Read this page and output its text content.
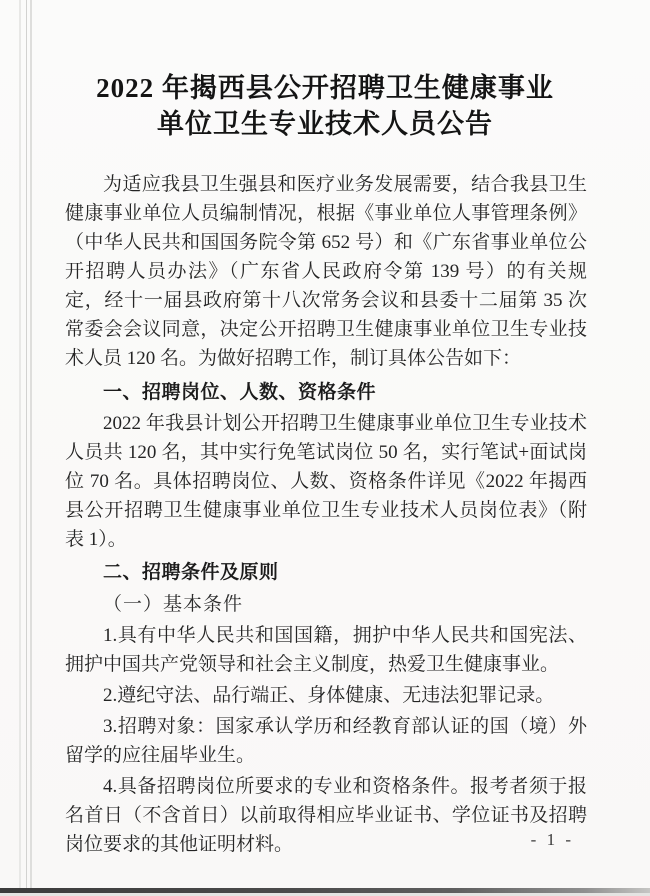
2022 年揭西县公开招聘卫生健康事业
单位卫生专业技术人员公告

为适应我县卫生强县和医疗业务发展需要，结合我县卫生健康事业单位人员编制情况，根据《事业单位人事管理条例》（中华人民共和国国务院令第 652 号）和《广东省事业单位公开招聘人员办法》（广东省人民政府令第 139 号）的有关规定，经十一届县政府第十八次常务会议和县委十二届第 35 次常委会会议同意，决定公开招聘卫生健康事业单位卫生专业技术人员 120 名。为做好招聘工作，制订具体公告如下：

一、招聘岗位、人数、资格条件

2022 年我县计划公开招聘卫生健康事业单位卫生专业技术人员共 120 名，其中实行免笔试岗位 50 名，实行笔试+面试岗位 70 名。具体招聘岗位、人数、资格条件详见《2022 年揭西县公开招聘卫生健康事业单位卫生专业技术人员岗位表》（附表 1）。

二、招聘条件及原则

（一）基本条件

1.具有中华人民共和国国籍，拥护中华人民共和国宪法、拥护中国共产党领导和社会主义制度，热爱卫生健康事业。

2.遵纪守法、品行端正、身体健康、无违法犯罪记录。

3.招聘对象：国家承认学历和经教育部认证的国（境）外留学的应往届毕业生。

4.具备招聘岗位所要求的专业和资格条件。报考者须于报名首日（不含首日）以前取得相应毕业证书、学位证书及招聘岗位要求的其他证明材料。	- 1 -
